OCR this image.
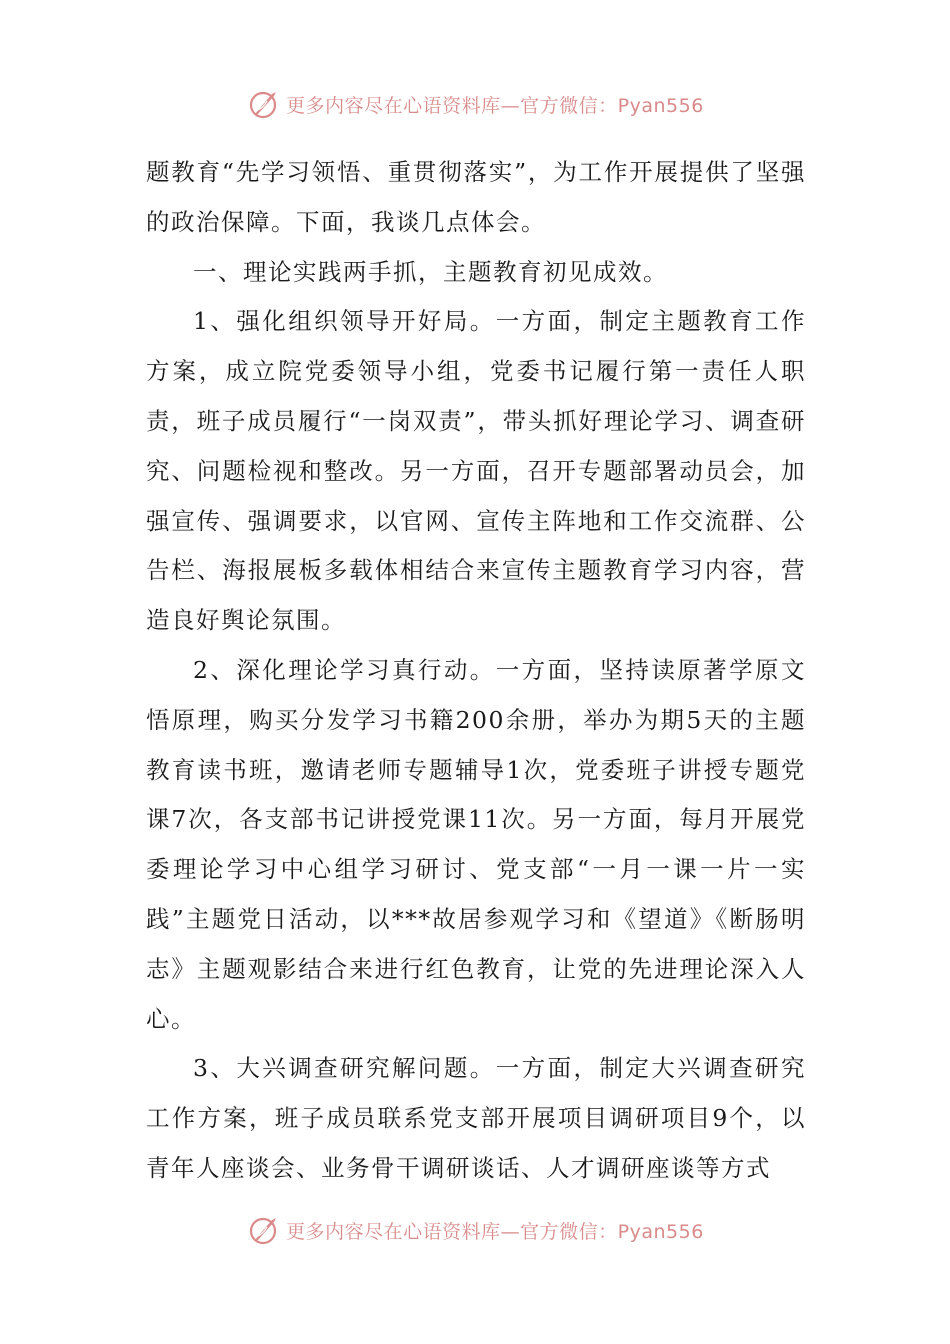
更多内容尽在心语资料库—官方微信：Pyan556

题教育“先学习领悟、重贯彻落实”，为工作开展提供了坚强的政治保障。下面，我谈几点体会。

一、理论实践两手抓，主题教育初见成效。

1、强化组织领导开好局。一方面，制定主题教育工作方案，成立院党委领导小组，党委书记履行第一责任人职责，班子成员履行“一岗双责”，带头抓好理论学习、调查研究、问题检视和整改。另一方面，召开专题部署动员会，加强宣传、强调要求，以官网、宣传主阵地和工作交流群、公告栏、海报展板多载体相结合来宣传主题教育学习内容，营造良好舆论氛围。

2、深化理论学习真行动。一方面，坚持读原著学原文悟原理，购买分发学习书籍200余册，举办为期5天的主题教育读书班，邀请老师专题辅导1次，党委班子讲授专题党课7次，各支部书记讲授党课11次。另一方面，每月开展党委理论学习中心组学习研讨、党支部“一月一课一片一实践”主题党日活动，以***故居参观学习和《望道》《断肠明志》主题观影结合来进行红色教育，让党的先进理论深入人心。

3、大兴调查研究解问题。一方面，制定大兴调查研究工作方案，班子成员联系党支部开展项目调研项目9个，以青年人座谈会、业务骨干调研谈话、人才调研座谈等方式

更多内容尽在心语资料库—官方微信：Pyan556
